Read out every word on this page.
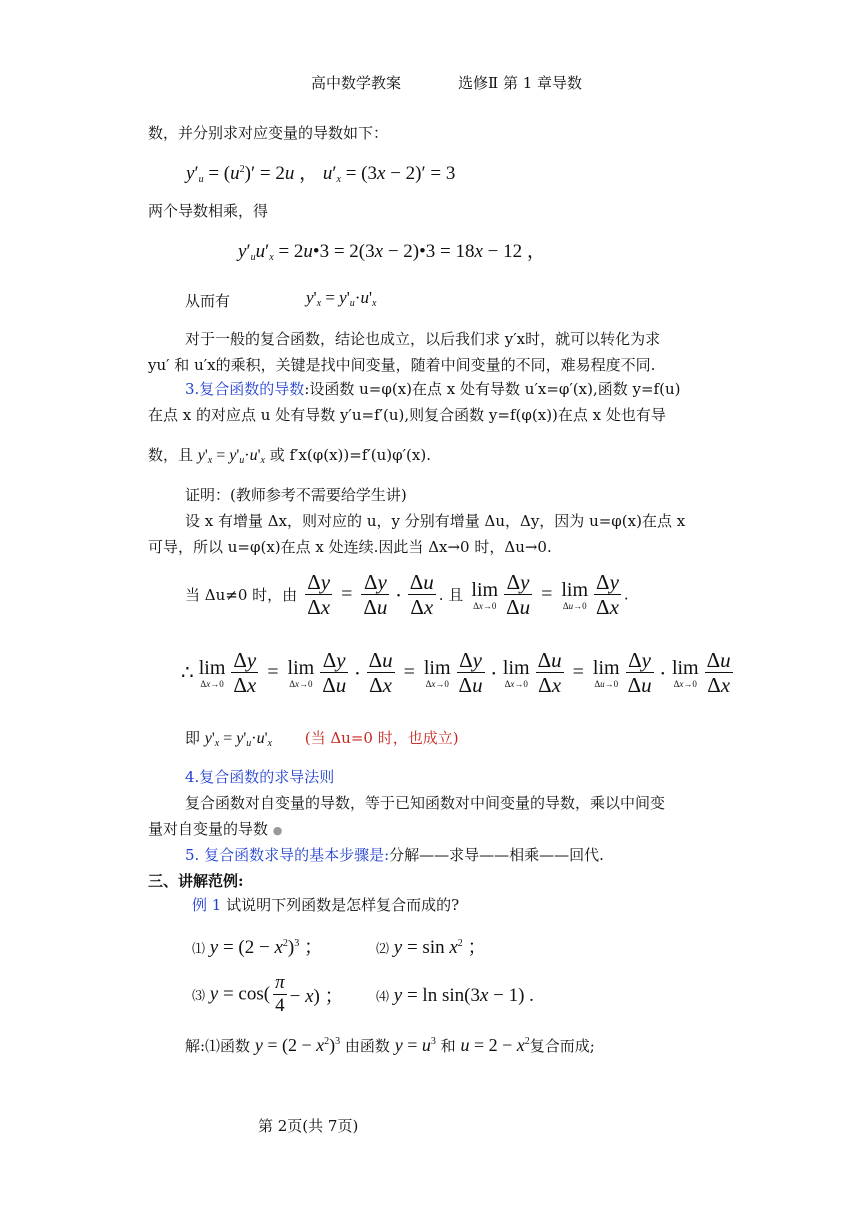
高中数学教案	选修Ⅱ 第 1 章导数
数，并分别求对应变量的导数如下：
$y'_u = (u^2)' = 2u$ ， $u'_x = (3x - 2)' = 3$
两个导数相乘，得
$y'_uu'_x$ = 2u•3 = 2(3x − 2)•3 = 18x − 12 ，
从而有	$y'_x = y'_u\cdot u'_x$
对于一般的复合函数，结论也成立，以后我们求 y′x时，就可以转化为求
yu′ 和 u′x的乘积，关键是找中间变量，随着中间变量的不同，难易程度不同.
3.复合函数的导数:设函数 u=φ(x)在点 x 处有导数 u′x=φ′(x),函数 y=f(u)
在点 x 的对应点 u 处有导数 y′u=f′(u),则复合函数 y=f(φ(x))在点 x 处也有导
数，且 $y'_x = y'_u\cdot u'_x$ 或 f′x(φ(x))=f′(u)φ′(x).
证明：(教师参考不需要给学生讲)
设 x 有增量 Δx，则对应的 u，y 分别有增量 Δu，Δy，因为 u=φ(x)在点 x
可导，所以 u=φ(x)在点 x 处连续.因此当 Δx→0 时，Δu→0.
当 Δu≠0 时，由 $\frac{\Delta y}{\Delta x} = \frac{\Delta y}{\Delta u} \cdot \frac{\Delta u}{\Delta x}$ . 且 lim
$\Delta x\to 0 \frac{\Delta y}{\Delta u} = \lim$
$\Delta u\to 0 \frac{\Delta y}{\Delta x}$ .
∴ lim
$\Delta x\to 0 \frac{\Delta y}{\Delta x} = \lim$
$\Delta x\to 0 \frac{\Delta y}{\Delta u} \cdot \frac{\Delta u}{\Delta x} = \lim$
$\Delta x\to 0 \frac{\Delta y}{\Delta u} \cdot \lim$
$\Delta x\to 0 \frac{\Delta u}{\Delta x} = \lim$
$\Delta u\to 0 \frac{\Delta y}{\Delta u} \cdot \lim$
$\Delta x\to 0 \frac{\Delta u}{\Delta x}$
即 $y'_x = y'_u\cdot u'_x$ (当 Δu=0 时，也成立)
4.复合函数的求导法则
复合函数对自变量的导数，等于已知函数对中间变量的导数，乘以中间变
量对自变量的导数 ●
5. 复合函数求导的基本步骤是:分解——求导——相乘——回代.
三、讲解范例:
例 1 试说明下列函数是怎样复合而成的?
⑴ $y = (2 - x^2)^3$ ；	⑵ $y = \sin x^2$ ；
⑶ $y = \cos( \frac{\pi}{4} - x)$ ； ⑷ y = ln sin(3x − 1) .
解:⑴函数 $y = (2 - x^2)^3$ 由函数 $y = u^3$ 和 $u = 2 - x^2$复合而成;
第 2页(共 7页)
